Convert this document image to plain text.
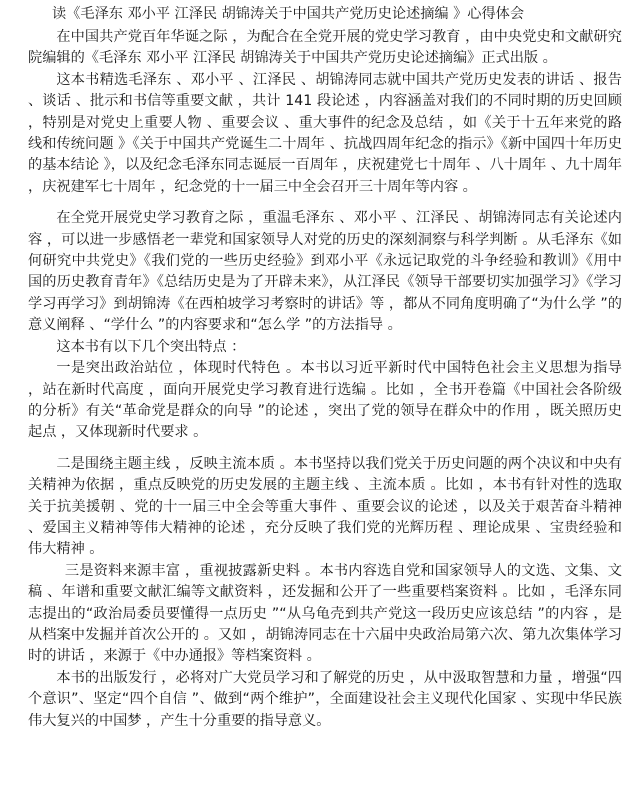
读《毛泽东 邓小平 江泽民 胡锦涛关于中国共产党历史论述摘编 》心得体会

在中国共产党百年华诞之际 ，为配合在全党开展的党史学习教育 ，由中央党史和文献研究院编辑的《毛泽东 邓小平 江泽民 胡锦涛关于中国共产党历史论述摘编》正式出版 。

这本书精选毛泽东 、邓小平 、江泽民 、胡锦涛同志就中国共产党历史发表的讲话 、报告 、谈话 、批示和书信等重要文献 ，共计 141 段论述 ，内容涵盖对我们的不同时期的历史回顾 ，特别是对党史上重要人物 、重要会议 、重大事件的纪念及总结 ，如《关于十五年来党的路线和传统问题 》《关于中国共产党诞生二十周年 、抗战四周年纪念的指示》《新中国四十年历史的基本结论 》，以及纪念毛泽东同志诞辰一百周年 ，庆祝建党七十周年 、八十周年 、九十周年 ，庆祝建军七十周年 ，纪念党的十一届三中全会召开三十周年等内容 。

在全党开展党史学习教育之际 ，重温毛泽东 、邓小平 、江泽民 、胡锦涛同志有关论述内容 ，可以进一步感悟老一辈党和国家领导人对党的历史的深刻洞察与科学判断 。从毛泽东《如何研究中共党史》《我们党的一些历史经验》到邓小平《永远记取党的斗争经验和教训》《用中国的历史教育青年》《总结历史是为了开辟未来》，从江泽民《领导干部要切实加强学习》《学习学习再学习》到胡锦涛《在西柏坡学习考察时的讲话》等 ，都从不同角度明确了“为什么学 ”的意义阐释 、“学什么 ”的内容要求和“怎么学 ”的方法指导 。

这本书有以下几个突出特点 ：

一是突出政治站位 ，体现时代特色 。本书以习近平新时代中国特色社会主义思想为指导 ，站在新时代高度 ，面向开展党史学习教育进行选编 。比如 ，全书开卷篇《中国社会各阶级的分析》有关“革命党是群众的向导 ”的论述 ，突出了党的领导在群众中的作用 ，既关照历史起点 ，又体现新时代要求 。

二是围绕主题主线 ，反映主流本质 。本书坚持以我们党关于历史问题的两个决议和中央有关精神为依据 ，重点反映党的历史发展的主题主线 、主流本质 。比如 ，本书有针对性的选取关于抗美援朝 、党的十一届三中全会等重大事件 、重要会议的论述 ，以及关于艰苦奋斗精神 、爱国主义精神等伟大精神的论述 ，充分反映了我们党的光辉历程 、理论成果 、宝贵经验和伟大精神 。

三是资料来源丰富 ，重视披露新史料 。本书内容选自党和国家领导人的文选、文集、文稿 、年谱和重要文献汇编等文献资料 ，还发掘和公开了一些重要档案资料 。比如 ，毛泽东同志提出的“政治局委员要懂得一点历史 ”“从乌龟壳到共产党这一段历史应该总结 ”的内容 ，是从档案中发掘并首次公开的 。又如 ，胡锦涛同志在十六届中央政治局第六次、第九次集体学习时的讲话 ，来源于《中办通报》等档案资料 。

本书的出版发行 ，必将对广大党员学习和了解党的历史 ，从中汲取智慧和力量 ，增强“四个意识”、坚定“四个自信 ”、做到“两个维护”，全面建设社会主义现代化国家 、实现中华民族伟大复兴的中国梦 ，产生十分重要的指导意义。
